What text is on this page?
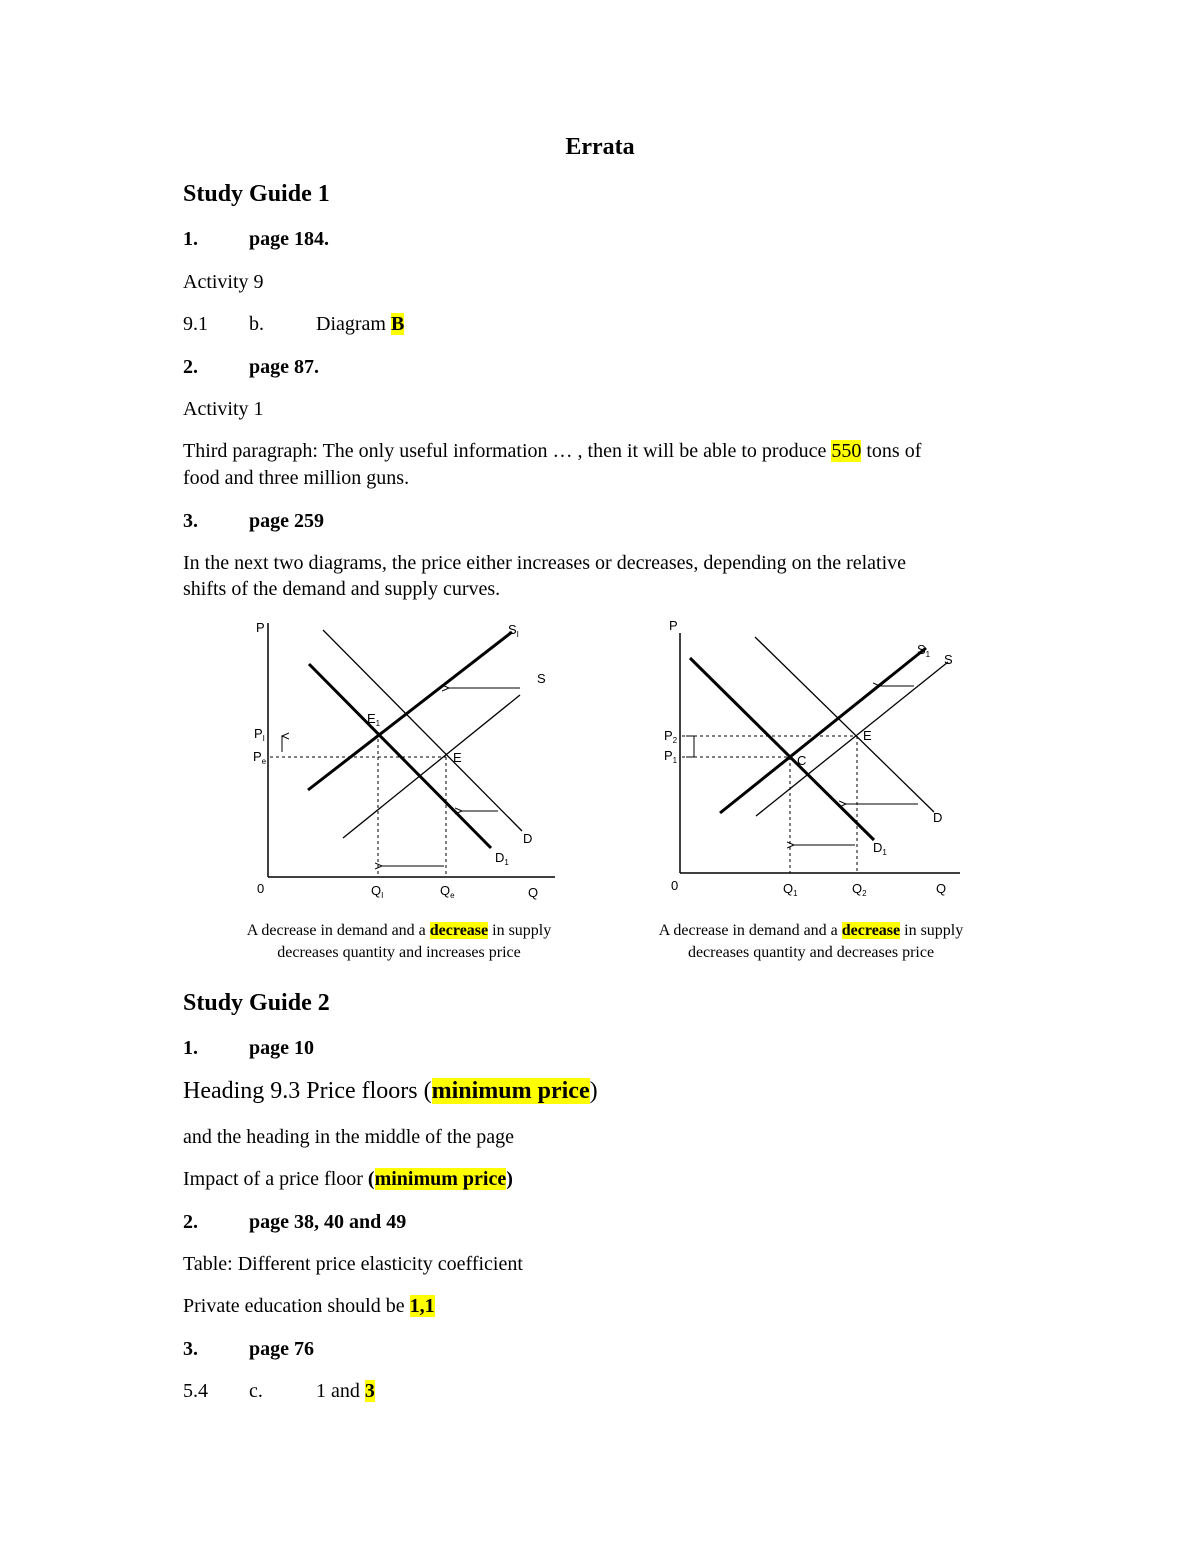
Errata
Study Guide 1
1.	page 184.
Activity 9
9.1 b.	Diagram B
2.	page 87.
Activity 1
Third paragraph: The only useful information … , then it will be able to produce 550 tons of
food and three million guns.
3.	page 259
In the next two diagrams, the price either increases or decreases, depending on the relative
shifts of the demand and supply curves.
P
$P_I$
$P_e$
0	$Q_I$	$Q_e$	Q
$S_I$
S
$E_1$
E
D
$D_1$
P
$P_2$
$P_1$
0	$Q_1$	$Q_2$	Q
$S_1$ S
E
C
D
$D_1$
A decrease in demand and a decrease in supply
decreases quantity and increases price
A decrease in demand and a decrease in supply
decreases quantity and decreases price
Study Guide 2
1.	page 10
Heading 9.3 Price floors (minimum price)
and the heading in the middle of the page
Impact of a price floor (minimum price)
2.	page 38, 40 and 49
Table: Different price elasticity coefficient
Private education should be 1,1
3.	page 76
5.4 c.	1 and 3
